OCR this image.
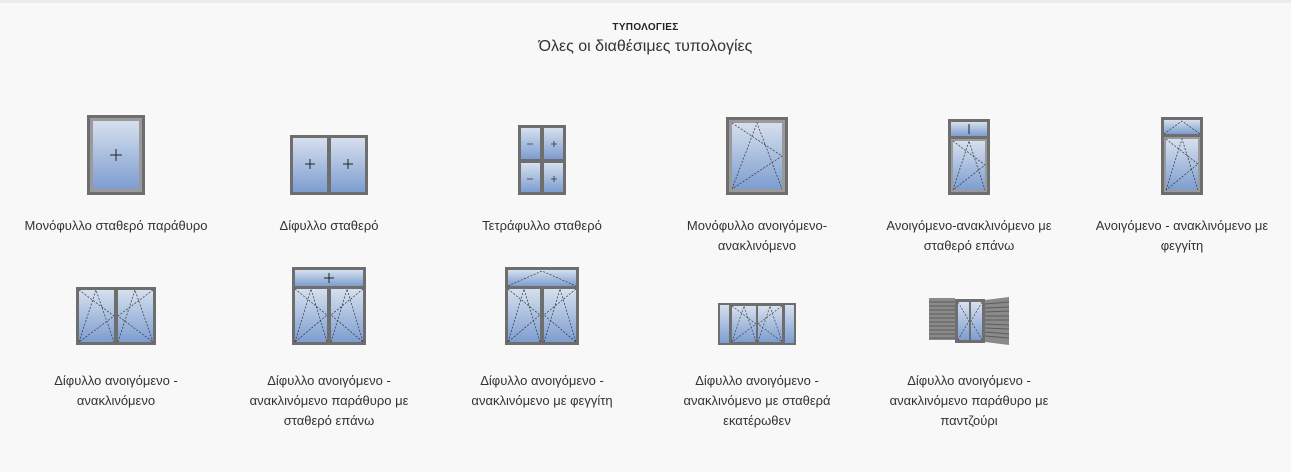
ΤΥΠΟΛΟΓΙΕΣ
Όλες οι διαθέσιμες τυπολογίες
Μονόφυλλο σταθερό παράθυρο	Δίφυλλο σταθερό	Τετράφυλλο σταθερό	Μονόφυλλο ανοιγόμενο-ανακλινόμενο
Ανοιγόμενο-ανακλινόμενο με σταθερό επάνω
Ανοιγόμενο - ανακλινόμενο με φεγγίτη
Δίφυλλο ανοιγόμενο - ανακλινόμενο
Δίφυλλο ανοιγόμενο - ανακλινόμενο παράθυρο με σταθερό επάνω
Δίφυλλο ανοιγόμενο - ανακλινόμενο με φεγγίτη
Δίφυλλο ανοιγόμενο - ανακλινόμενο με σταθερά εκατέρωθεν
Δίφυλλο ανοιγόμενο - ανακλινόμενο παράθυρο με παντζούρι
